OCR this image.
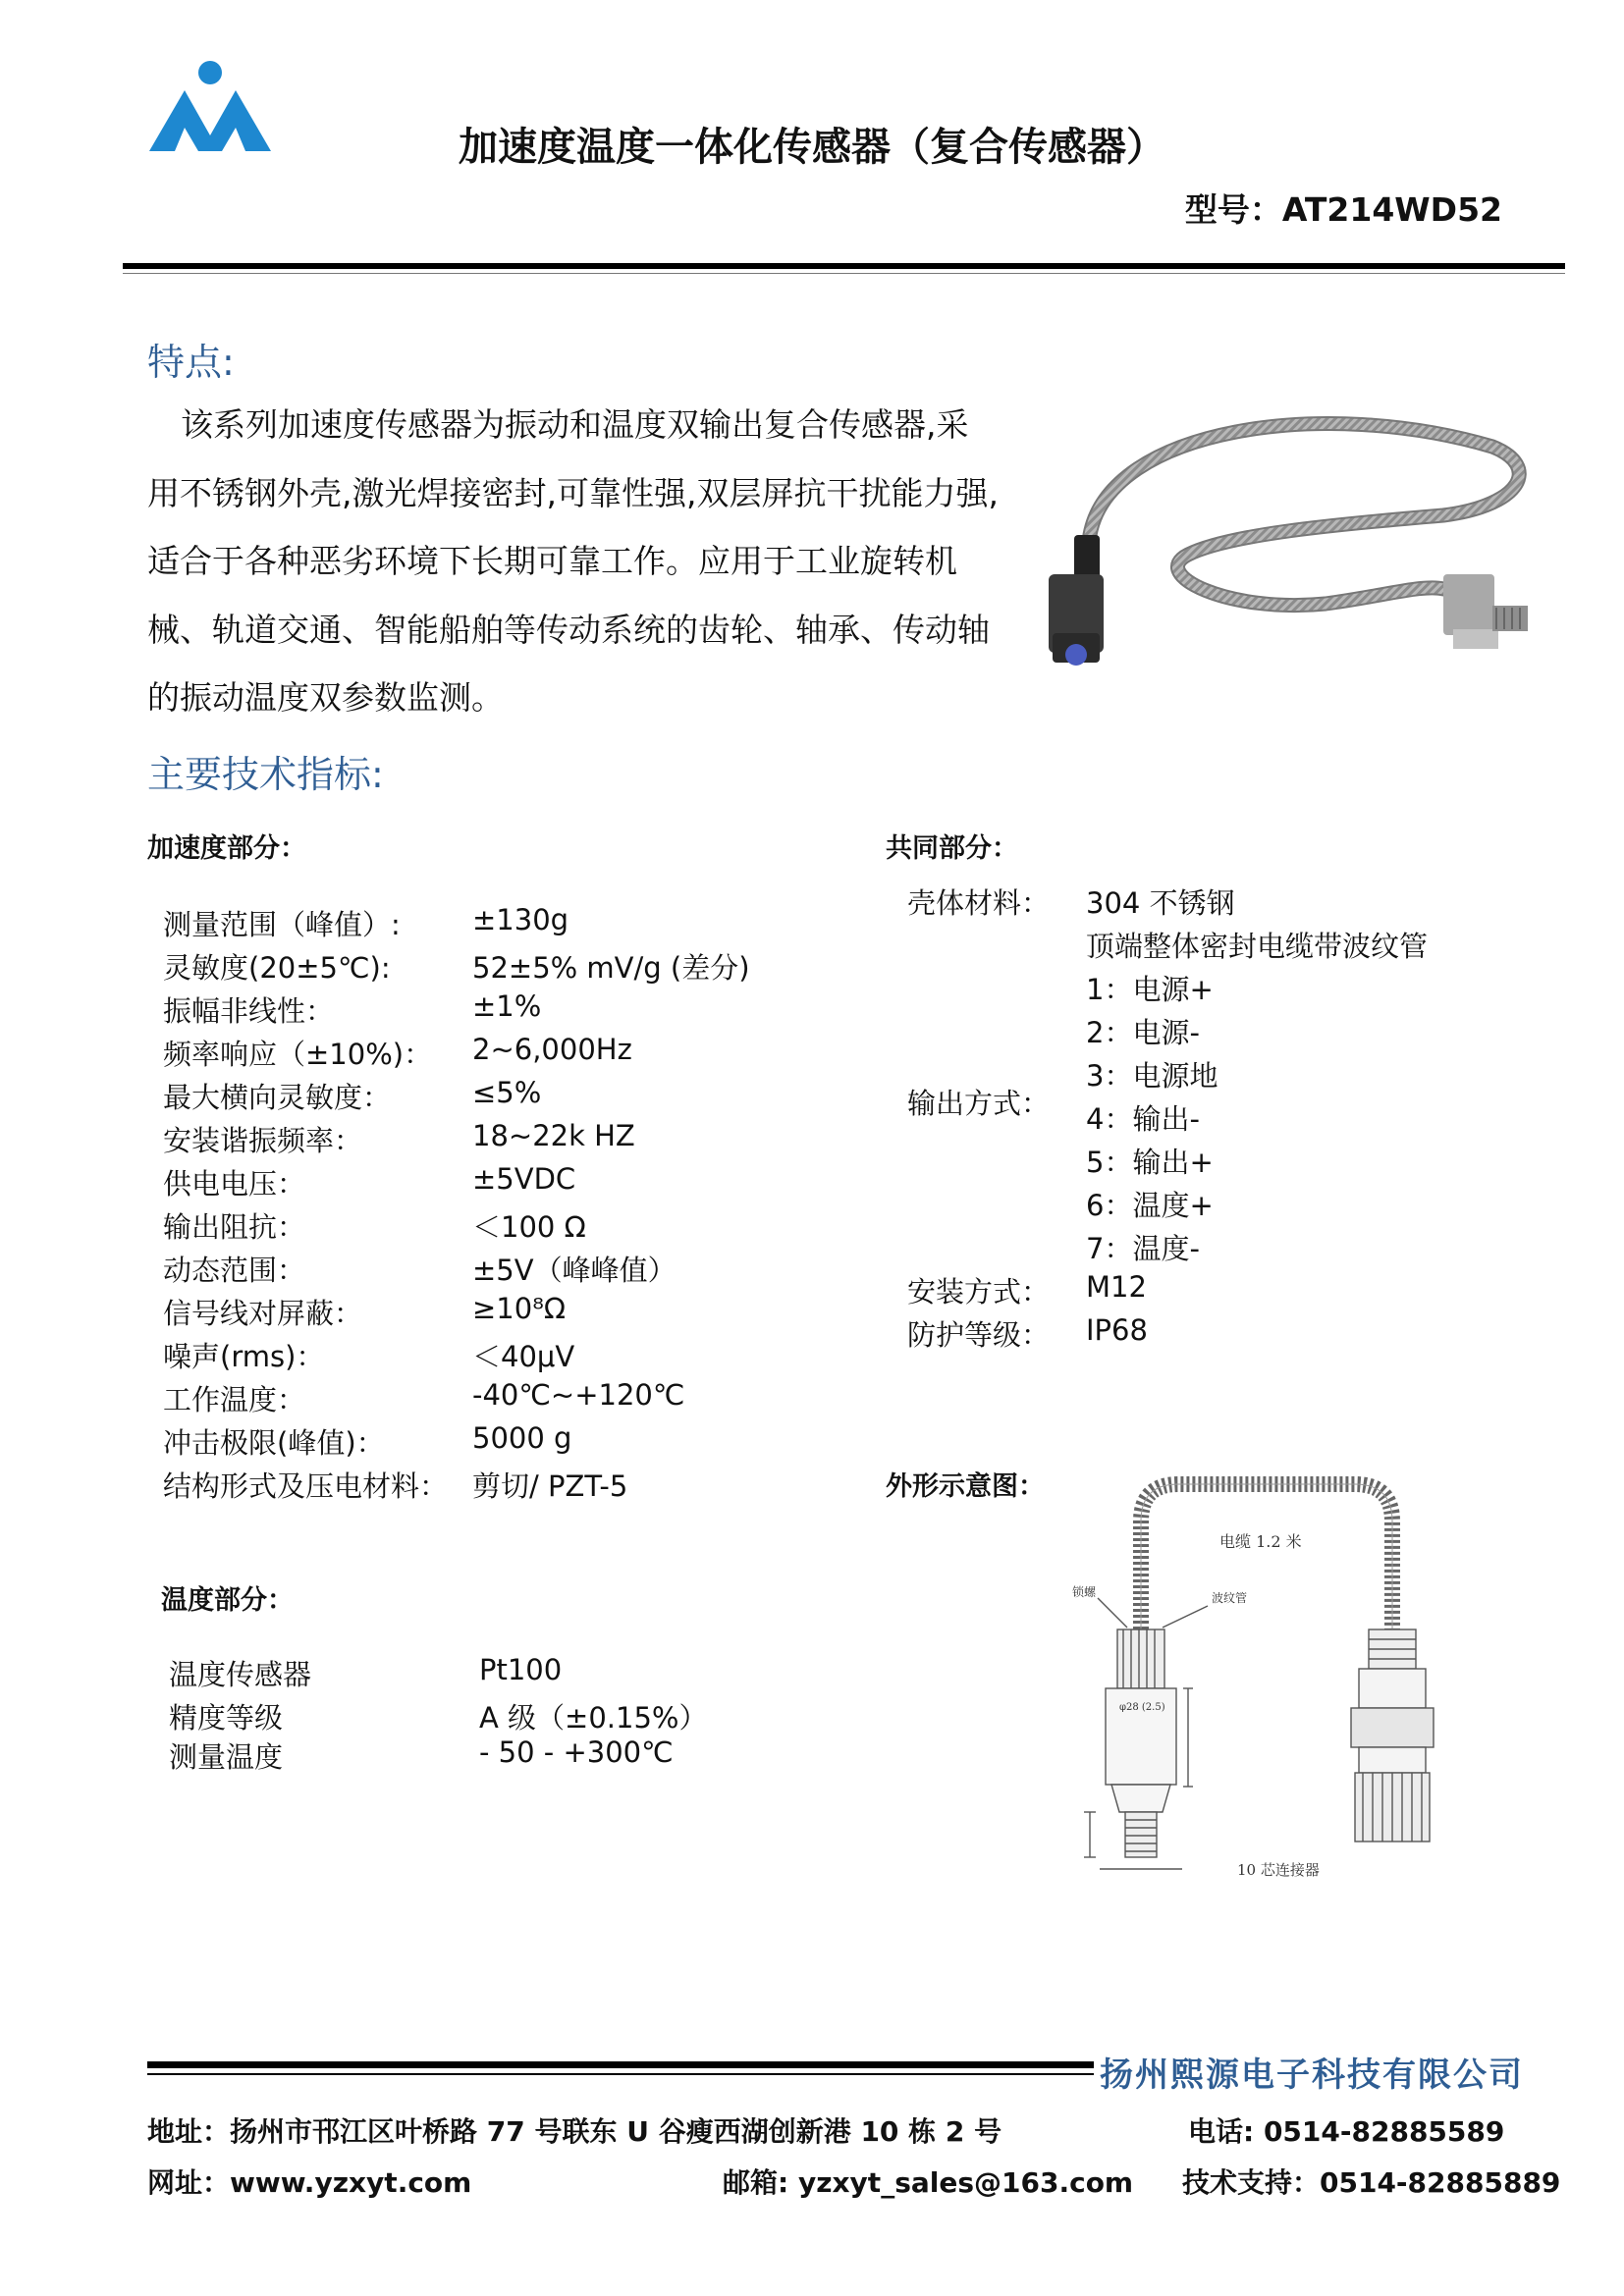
加速度温度一体化传感器（复合传感器）
型号：AT214WD52
特点:
该系列加速度传感器为振动和温度双输出复合传感器,采
用不锈钢外壳,激光焊接密封,可靠性强,双层屏抗干扰能力强,
适合于各种恶劣环境下长期可靠工作。应用于工业旋转机
械、轨道交通、智能船舶等传动系统的齿轮、轴承、传动轴
的振动温度双参数监测。
主要技术指标:
加速度部分：
测量范围（峰值）:	±130g
灵敏度(20±5℃):	52±5% mV/g (差分)
振幅非线性：	±1%
频率响应（±10%)： 2~6,000Hz
最大横向灵敏度：	≤5%
安装谐振频率：	18~22k HZ
供电电压：	±5VDC
输出阻抗：	＜100 Ω
动态范围：	±5V（峰峰值）
信号线对屏蔽：	≥10⁸Ω
噪声(rms)：	＜40μV
工作温度：	-40℃~+120℃
冲击极限(峰值)：	5000 g
结构形式及压电材料： 剪切/ PZT-5
温度部分：
温度传感器	Pt100
精度等级	A 级（±0.15%）
测量温度	- 50 - +300℃
共同部分：
壳体材料： 304 不锈钢
顶端整体密封电缆带波纹管
输出方式：
1：电源+
2：电源-
3：电源地
4：输出-
5：输出+
6：温度+
7：温度-
安装方式： M12
防护等级： IP68
外形示意图：
电缆 1.2 米
锁螺	波纹管
φ28 (2.5)
10 芯连接器
扬州熙源电子科技有限公司
地址：扬州市邗江区叶桥路 77 号联东 U 谷瘦西湖创新港 10 栋 2 号	电话: 0514-82885589
网址：www.yzxyt.com	邮箱: yzxyt_sales@163.com 技术支持：0514-82885889
